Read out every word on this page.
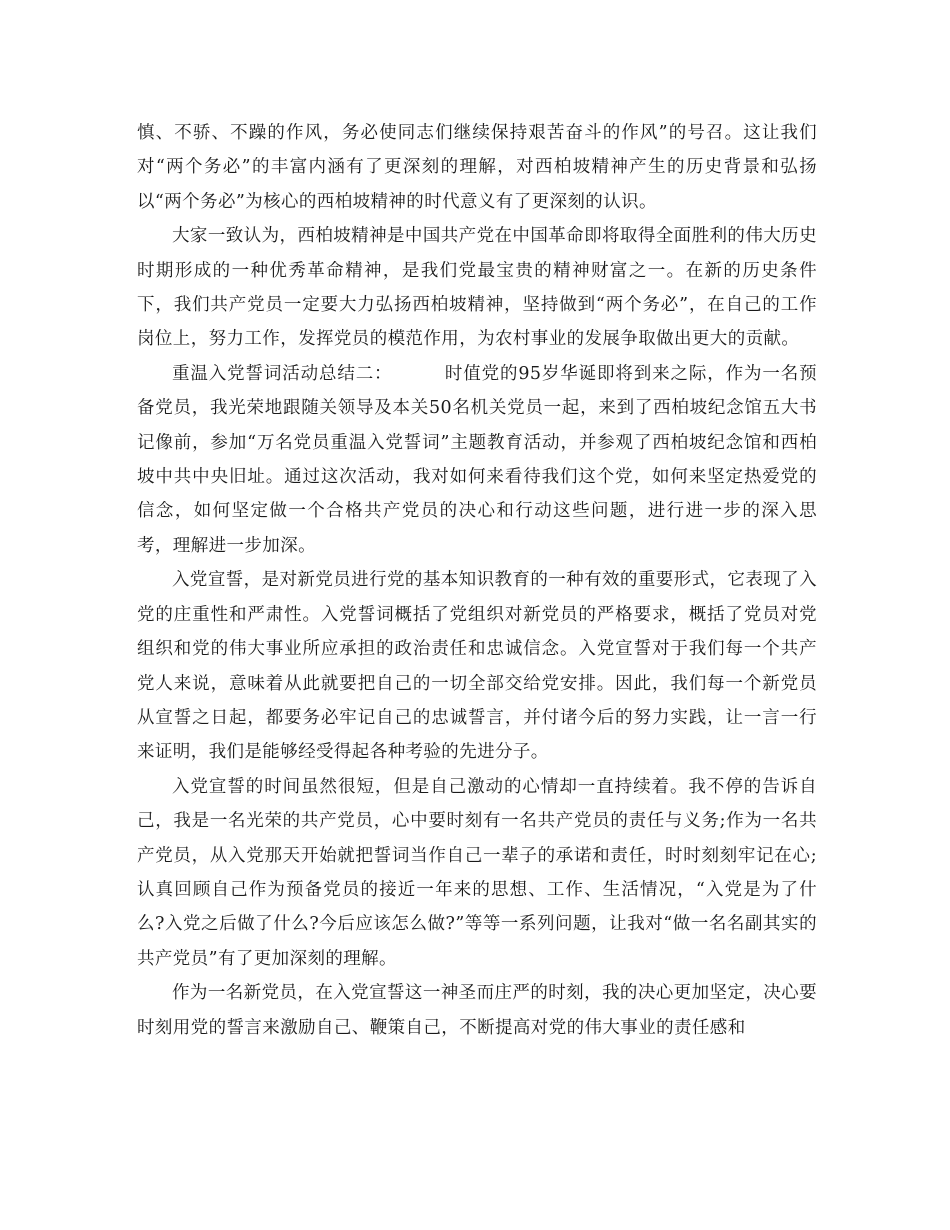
慎、不骄、不躁的作风，务必使同志们继续保持艰苦奋斗的作风”的号召。这让我们对“两个务必”的丰富内涵有了更深刻的理解，对西柏坡精神产生的历史背景和弘扬以“两个务必”为核心的西柏坡精神的时代意义有了更深刻的认识。

大家一致认为，西柏坡精神是中国共产党在中国革命即将取得全面胜利的伟大历史时期形成的一种优秀革命精神，是我们党最宝贵的精神财富之一。在新的历史条件下，我们共产党员一定要大力弘扬西柏坡精神，坚持做到“两个务必”，在自己的工作岗位上，努力工作，发挥党员的模范作用，为农村事业的发展争取做出更大的贡献。

重温入党誓词活动总结二：	时值党的95岁华诞即将到来之际，作为一名预备党员，我光荣地跟随关领导及本关50名机关党员一起，来到了西柏坡纪念馆五大书记像前，参加“万名党员重温入党誓词”主题教育活动，并参观了西柏坡纪念馆和西柏坡中共中央旧址。通过这次活动，我对如何来看待我们这个党，如何来坚定热爱党的信念，如何坚定做一个合格共产党员的决心和行动这些问题，进行进一步的深入思考，理解进一步加深。

入党宣誓，是对新党员进行党的基本知识教育的一种有效的重要形式，它表现了入党的庄重性和严肃性。入党誓词概括了党组织对新党员的严格要求，概括了党员对党组织和党的伟大事业所应承担的政治责任和忠诚信念。入党宣誓对于我们每一个共产党人来说，意味着从此就要把自己的一切全部交给党安排。因此，我们每一个新党员从宣誓之日起，都要务必牢记自己的忠诚誓言，并付诸今后的努力实践，让一言一行来证明，我们是能够经受得起各种考验的先进分子。

入党宣誓的时间虽然很短，但是自己激动的心情却一直持续着。我不停的告诉自己，我是一名光荣的共产党员，心中要时刻有一名共产党员的责任与义务;作为一名共产党员，从入党那天开始就把誓词当作自己一辈子的承诺和责任，时时刻刻牢记在心;认真回顾自己作为预备党员的接近一年来的思想、工作、生活情况，“入党是为了什么?入党之后做了什么?今后应该怎么做?”等等一系列问题，让我对“做一名名副其实的共产党员”有了更加深刻的理解。

作为一名新党员，在入党宣誓这一神圣而庄严的时刻，我的决心更加坚定，决心要时刻用党的誓言来激励自己、鞭策自己，不断提高对党的伟大事业的责任感和
